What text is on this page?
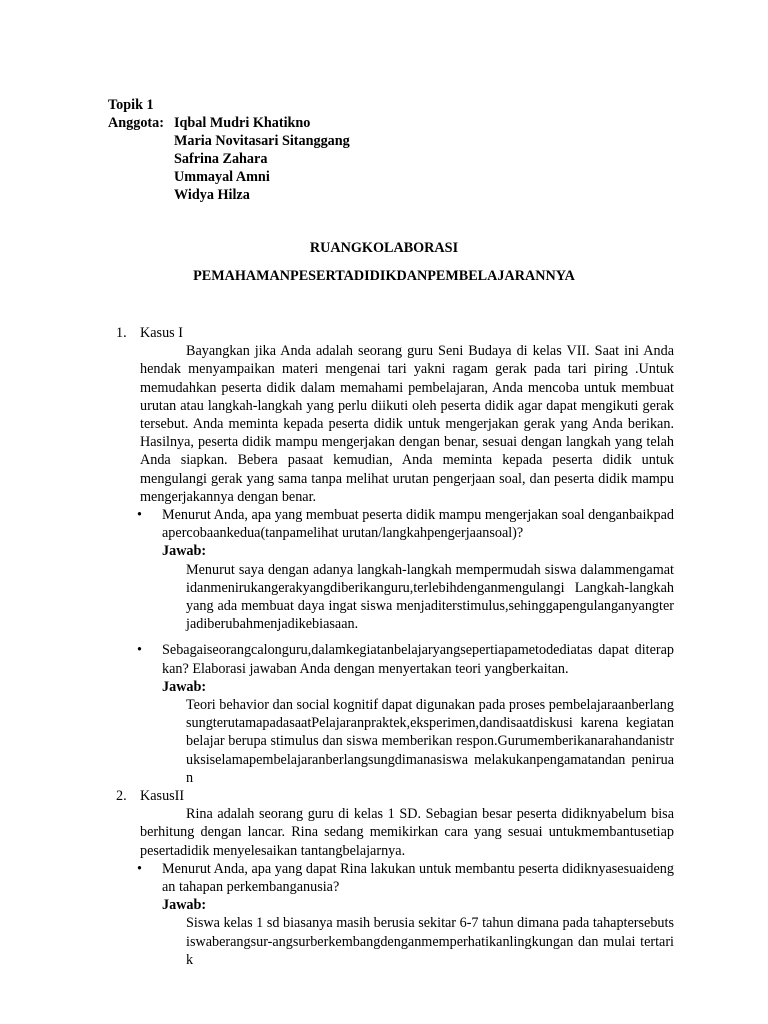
Topik 1
Anggota: Iqbal Mudri Khatikno
Maria Novitasari Sitanggang
Safrina Zahara
Ummayal Amni
Widya Hilza
RUANGKOLABORASI
PEMAHAMANPESERTADIDIKDANPEMBELAJARANNYA
1. Kasus I

Bayangkan jika Anda adalah seorang guru Seni Budaya di kelas VII. Saat ini Anda hendak menyampaikan materi mengenai tari yakni ragam gerak pada tari piring .Untuk memudahkan peserta didik dalam memahami pembelajaran, Anda mencoba untuk membuat urutan atau langkah-langkah yang perlu diikuti oleh peserta didik agar dapat mengikuti gerak tersebut. Anda meminta kepada peserta didik untuk mengerjakan gerak yang Anda berikan. Hasilnya, peserta didik mampu mengerjakan dengan benar, sesuai dengan langkah yang telah Anda siapkan. Bebera pasaat kemudian, Anda meminta kepada peserta didik untuk mengulangi gerak yang sama tanpa melihat urutan pengerjaan soal, dan peserta didik mampu mengerjakannya dengan benar.

• Menurut Anda, apa yang membuat peserta didik mampu mengerjakan soal denganbaikpadapercobaankedua(tanpamelihat urutan/langkahpengerjaansoal)?
Jawab:
Menurut saya dengan adanya langkah-langkah mempermudah siswa dalammengamatidanmenirukangerakyangdiberikanguru,terlebihdenganmengulangi Langkah-langkah yang ada membuat daya ingat siswa menjaditerstimulus,sehinggapengulanganyangterjadiberubahmenjadikebiasaan.
• Sebagaiseorangcalonguru,dalamkegiatanbelajaryangsepertiapametodediatas dapat diterapkan? Elaborasi jawaban Anda dengan menyertakan teori yangberkaitan.
Jawab:
Teori behavior dan social kognitif dapat digunakan pada proses pembelajaraanberlangsungterutamapadasaatPelajaranpraktek,eksperimen,dandisaatdiskusi karena kegiatan belajar berupa stimulus dan siswa memberikan respon.Gurumemberikanarahandanistruksiselamapembelajaranberlangsungdimanasiswa melakukanpengamatandan peniruan
2. KasusII

Rina adalah seorang guru di kelas 1 SD. Sebagian besar peserta didiknyabelum bisa berhitung dengan lancar. Rina sedang memikirkan cara yang sesuai untukmembantusetiap pesertadidik menyelesaikan tantangbelajarnya.

• Menurut Anda, apa yang dapat Rina lakukan untuk membantu peserta didiknyasesuaidengan tahapan perkembanganusia?
Jawab:
Siswa kelas 1 sd biasanya masih berusia sekitar 6-7 tahun dimana pada tahaptersebutsiswaberangsur-angsurberkembangdenganmemperhatikanlingkungan dan mulai tertarik
